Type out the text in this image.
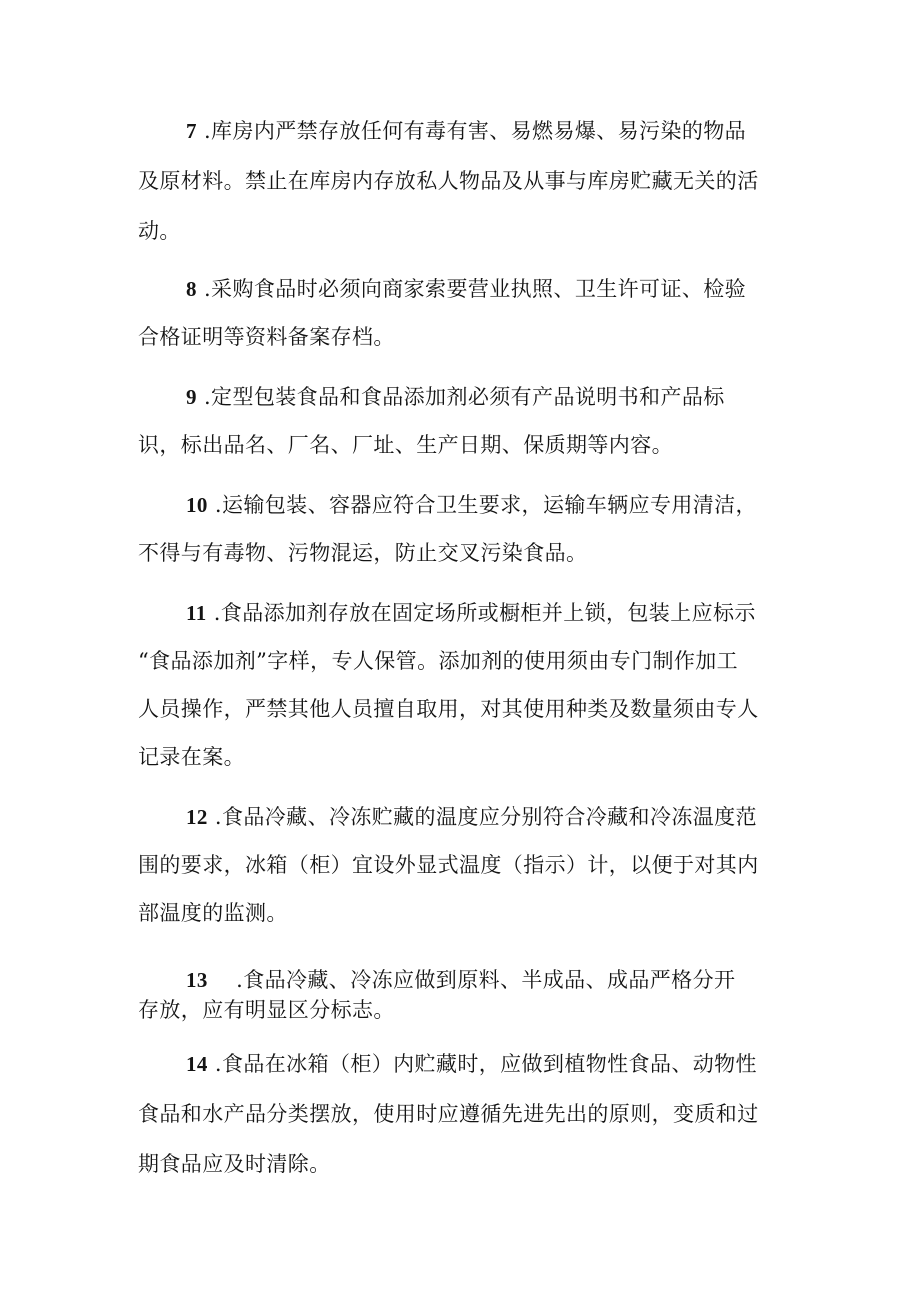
7 .库房内严禁存放任何有毒有害、易燃易爆、易污染的物品
及原材料。禁止在库房内存放私人物品及从事与库房贮藏无关的活
动。
8 .采购食品时必须向商家索要营业执照、卫生许可证、检验
合格证明等资料备案存档。
9 .定型包装食品和食品添加剂必须有产品说明书和产品标
识，标出品名、厂名、厂址、生产日期、保质期等内容。
10 .运输包装、容器应符合卫生要求，运输车辆应专用清洁，
不得与有毒物、污物混运，防止交叉污染食品。
11 .食品添加剂存放在固定场所或橱柜并上锁，包装上应标示
“食品添加剂”字样，专人保管。添加剂的使用须由专门制作加工
人员操作，严禁其他人员擅自取用，对其使用种类及数量须由专人
记录在案。
12 .食品冷藏、冷冻贮藏的温度应分别符合冷藏和冷冻温度范
围的要求，冰箱（柜）宜设外显式温度（指示）计，以便于对其内
部温度的监测。
13    .食品冷藏、冷冻应做到原料、半成品、成品严格分开
存放，应有明显区分标志。
14 .食品在冰箱（柜）内贮藏时，应做到植物性食品、动物性
食品和水产品分类摆放，使用时应遵循先进先出的原则，变质和过
期食品应及时清除。
